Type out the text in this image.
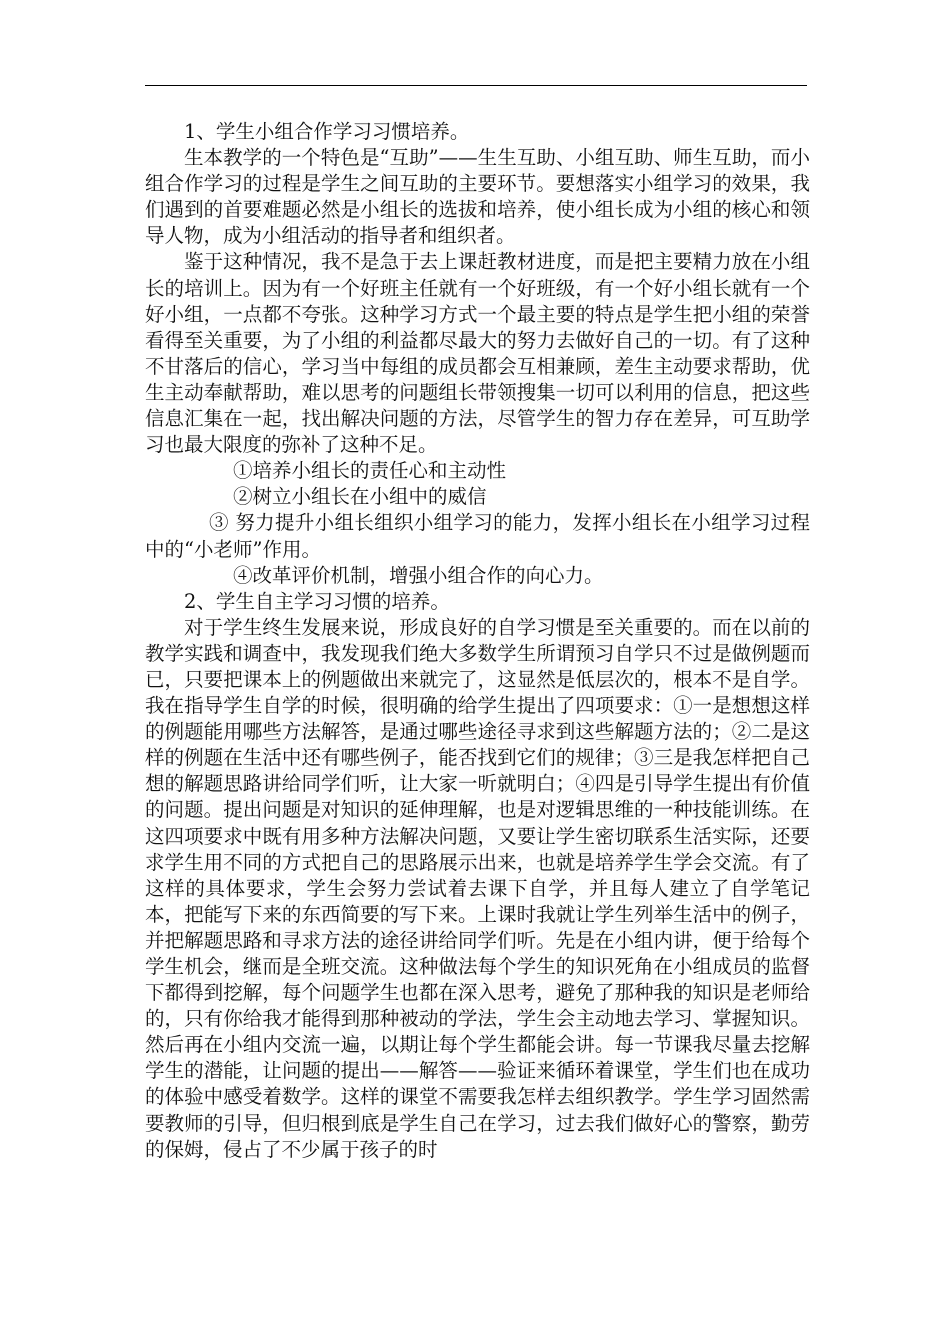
1、学生小组合作学习习惯培养。

生本教学的一个特色是“互助”——生生互助、小组互助、师生互助，而小组合作学习的过程是学生之间互助的主要环节。要想落实小组学习的效果，我们遇到的首要难题必然是小组长的选拔和培养，使小组长成为小组的核心和领导人物，成为小组活动的指导者和组织者。

鉴于这种情况，我不是急于去上课赶教材进度，而是把主要精力放在小组长的培训上。因为有一个好班主任就有一个好班级，有一个好小组长就有一个好小组，一点都不夸张。这种学习方式一个最主要的特点是学生把小组的荣誉看得至关重要，为了小组的利益都尽最大的努力去做好自己的一切。有了这种不甘落后的信心，学习当中每组的成员都会互相兼顾，差生主动要求帮助，优生主动奉献帮助，难以思考的问题组长带领搜集一切可以利用的信息，把这些信息汇集在一起，找出解决问题的方法，尽管学生的智力存在差异，可互助学习也最大限度的弥补了这种不足。

①培养小组长的责任心和主动性

②树立小组长在小组中的威信

③ 努力提升小组长组织小组学习的能力，发挥小组长在小组学习过程中的“小老师”作用。

④改革评价机制，增强小组合作的向心力。

2、学生自主学习习惯的培养。

对于学生终生发展来说，形成良好的自学习惯是至关重要的。而在以前的教学实践和调查中，我发现我们绝大多数学生所谓预习自学只不过是做例题而已，只要把课本上的例题做出来就完了，这显然是低层次的，根本不是自学。我在指导学生自学的时候，很明确的给学生提出了四项要求：①一是想想这样的例题能用哪些方法解答，是通过哪些途径寻求到这些解题方法的；②二是这样的例题在生活中还有哪些例子，能否找到它们的规律；③三是我怎样把自己想的解题思路讲给同学们听，让大家一听就明白；④四是引导学生提出有价值的问题。提出问题是对知识的延伸理解，也是对逻辑思维的一种技能训练。在这四项要求中既有用多种方法解决问题，又要让学生密切联系生活实际，还要求学生用不同的方式把自己的思路展示出来，也就是培养学生学会交流。有了这样的具体要求，学生会努力尝试着去课下自学，并且每人建立了自学笔记本，把能写下来的东西简要的写下来。上课时我就让学生列举生活中的例子，并把解题思路和寻求方法的途径讲给同学们听。先是在小组内讲，便于给每个学生机会，继而是全班交流。这种做法每个学生的知识死角在小组成员的监督下都得到挖解，每个问题学生也都在深入思考，避免了那种我的知识是老师给的，只有你给我才能得到那种被动的学法，学生会主动地去学习、掌握知识。然后再在小组内交流一遍，以期让每个学生都能会讲。每一节课我尽量去挖解学生的潜能，让问题的提出——解答——验证来循环着课堂，学生们也在成功的体验中感受着数学。这样的课堂不需要我怎样去组织教学。学生学习固然需要教师的引导，但归根到底是学生自己在学习，过去我们做好心的警察，勤劳的保姆，侵占了不少属于孩子的时
